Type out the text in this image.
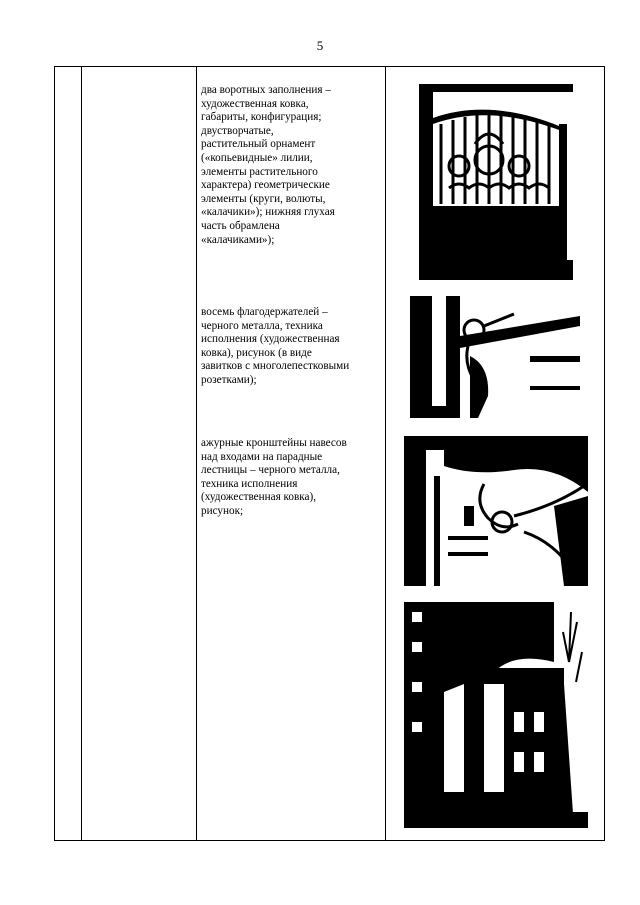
5
два воротных заполнения –
художественная ковка,
габариты, конфигурация;
двустворчатые,
растительный орнамент
(«копьевидные» лилии,
элементы растительного
характера) геометрические
элементы (круги, волюты,
«калачики»); нижняя глухая
часть обрамлена
«калачиками»);
восемь флагодержателей –
черного металла, техника
исполнения (художественная
ковка), рисунок (в виде
завитков с многолепестковыми
розетками);
ажурные кронштейны навесов
над входами на парадные
лестницы – черного металла,
техника исполнения
(художественная ковка),
рисунок;
